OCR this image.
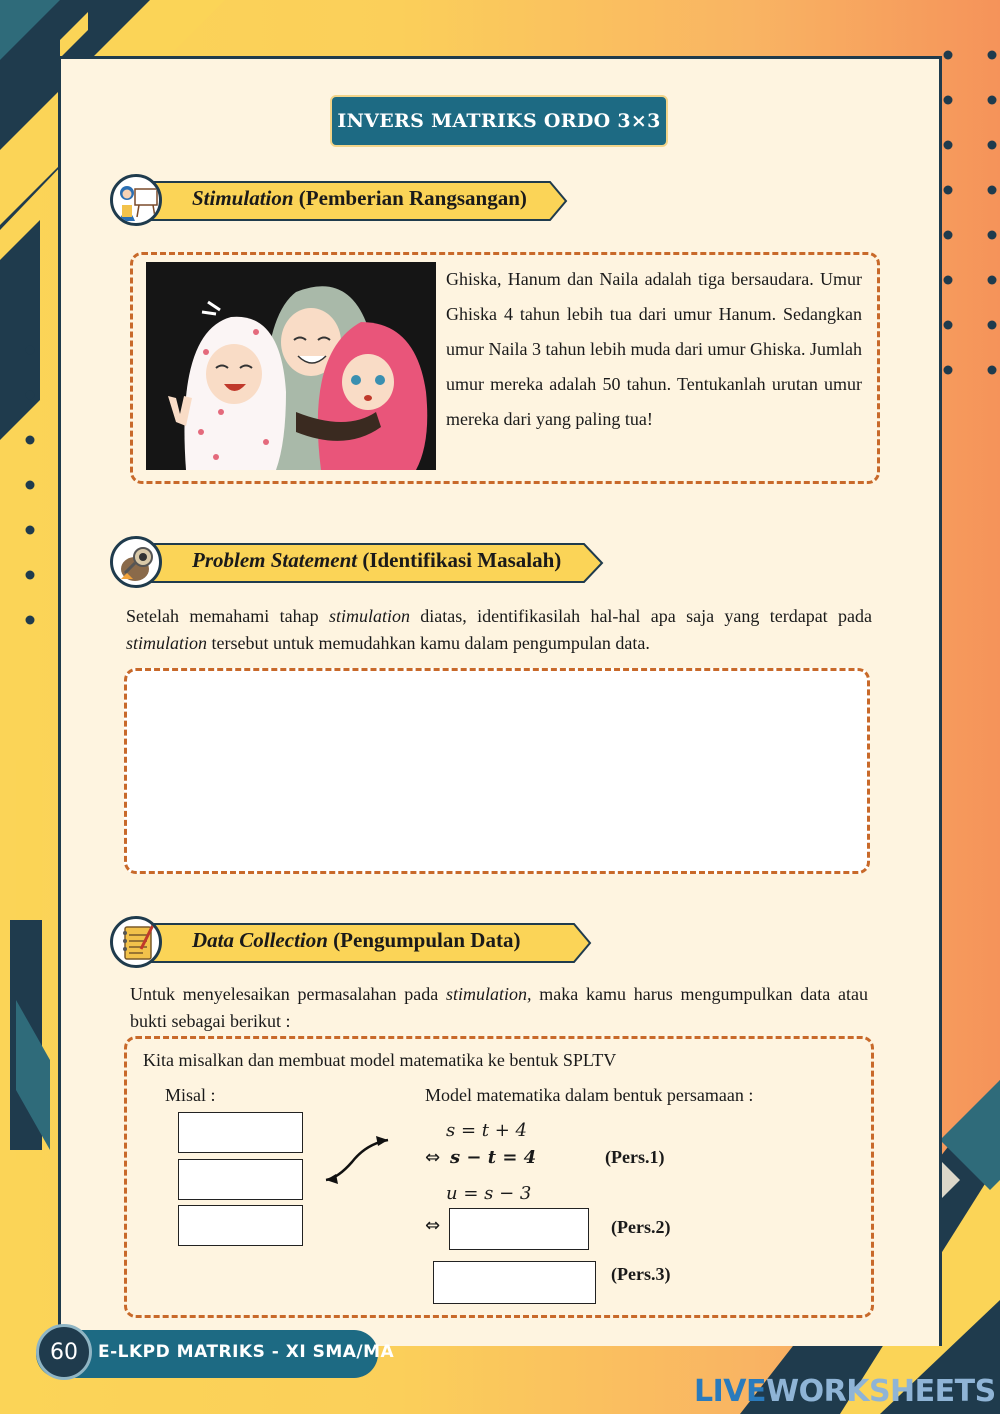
INVERS MATRIKS ORDO 3×3
Stimulation (Pemberian Rangsangan)
Ghiska, Hanum dan Naila adalah tiga bersaudara. Umur Ghiska 4 tahun lebih tua dari umur Hanum. Sedangkan umur Naila 3 tahun lebih muda dari umur Ghiska. Jumlah umur mereka adalah 50 tahun. Tentukanlah urutan umur mereka dari yang paling tua!
Problem Statement (Identifikasi Masalah)
Setelah memahami tahap stimulation diatas, identifikasilah hal-hal apa saja yang terdapat pada stimulation tersebut untuk memudahkan kamu dalam pengumpulan data.
Data Collection (Pengumpulan Data)
Untuk menyelesaikan permasalahan pada stimulation, maka kamu harus mengumpulkan data atau bukti sebagai berikut :
Kita misalkan dan membuat model matematika ke bentuk SPLTV
Misal :	Model matematika dalam bentuk persamaan :
s = t + 4
⇔ s − t = 4	(Pers.1)
u = s − 3
⇔	(Pers.2)
(Pers.3)
60	E-LKPD MATRIKS - XI SMA/MA
LIVEWORKSHEETS
